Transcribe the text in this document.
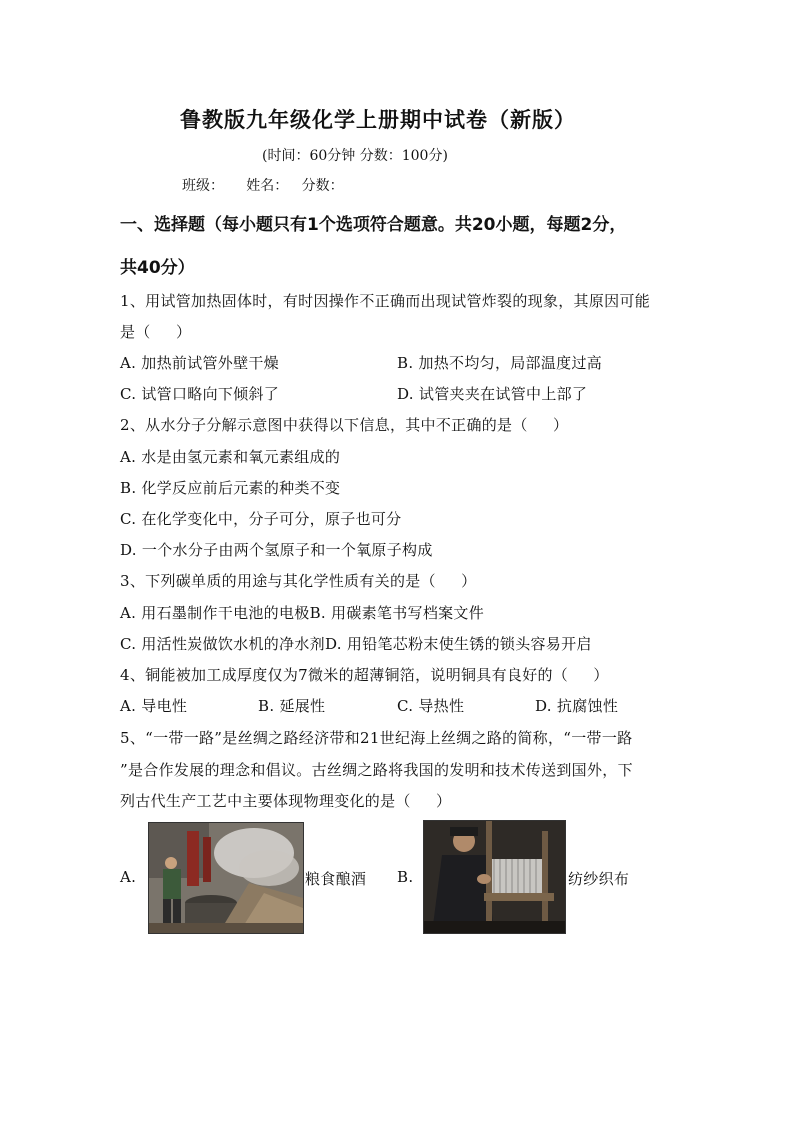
鲁教版九年级化学上册期中试卷（新版）
(时间：60分钟 分数：100分)
班级：     姓名：   分数：
一、选择题（每小题只有1个选项符合题意。共20小题，每题2分，
共40分）
1、用试管加热固体时，有时因操作不正确而出现试管炸裂的现象，其原因可能
是（     ）
A. 加热前试管外壁干燥	B. 加热不均匀，局部温度过高
C. 试管口略向下倾斜了	D. 试管夹夹在试管中上部了
2、从水分子分解示意图中获得以下信息，其中不正确的是（     ）
A. 水是由氢元素和氧元素组成的
B. 化学反应前后元素的种类不变
C. 在化学变化中，分子可分，原子也可分
D. 一个水分子由两个氢原子和一个氧原子构成
3、下列碳单质的用途与其化学性质有关的是（     ）
A. 用石墨制作干电池的电极B. 用碳素笔书写档案文件
C. 用活性炭做饮水机的净水剂D. 用铅笔芯粉末使生锈的锁头容易开启
4、铜能被加工成厚度仅为7微米的超薄铜箔，说明铜具有良好的（     ）
A. 导电性	B. 延展性	C. 导热性	D. 抗腐蚀性
5、“一带一路”是丝绸之路经济带和21世纪海上丝绸之路的简称，“一带一路
”是合作发展的理念和倡议。古丝绸之路将我国的发明和技术传送到国外，下
列古代生产工艺中主要体现物理变化的是（     ）
A.	粮食酿酒 B.	纺纱织布
